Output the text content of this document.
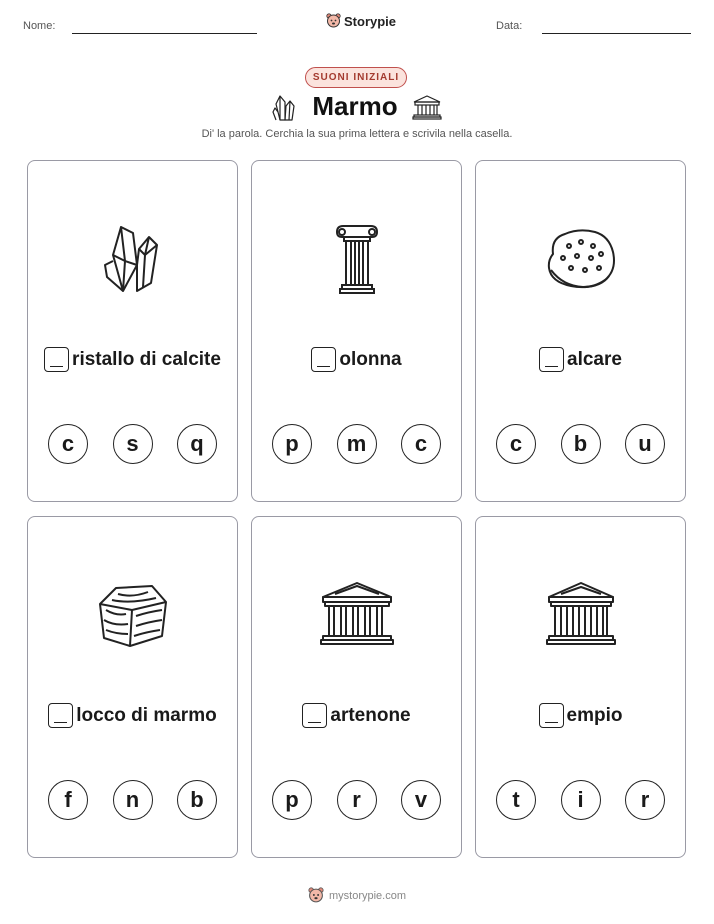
Nome:	Storypie	Data:
SUONI INIZIALI
Marmo
Di' la parola. Cerchia la sua prima lettera e scrivila nella casella.
ristallo di calcite
c	s	q
olonna
p	m	c
alcare
c	b	u
locco di marmo
f	n	b
artenone
p	r	v
empio
t	i	r
mystorypie.com
